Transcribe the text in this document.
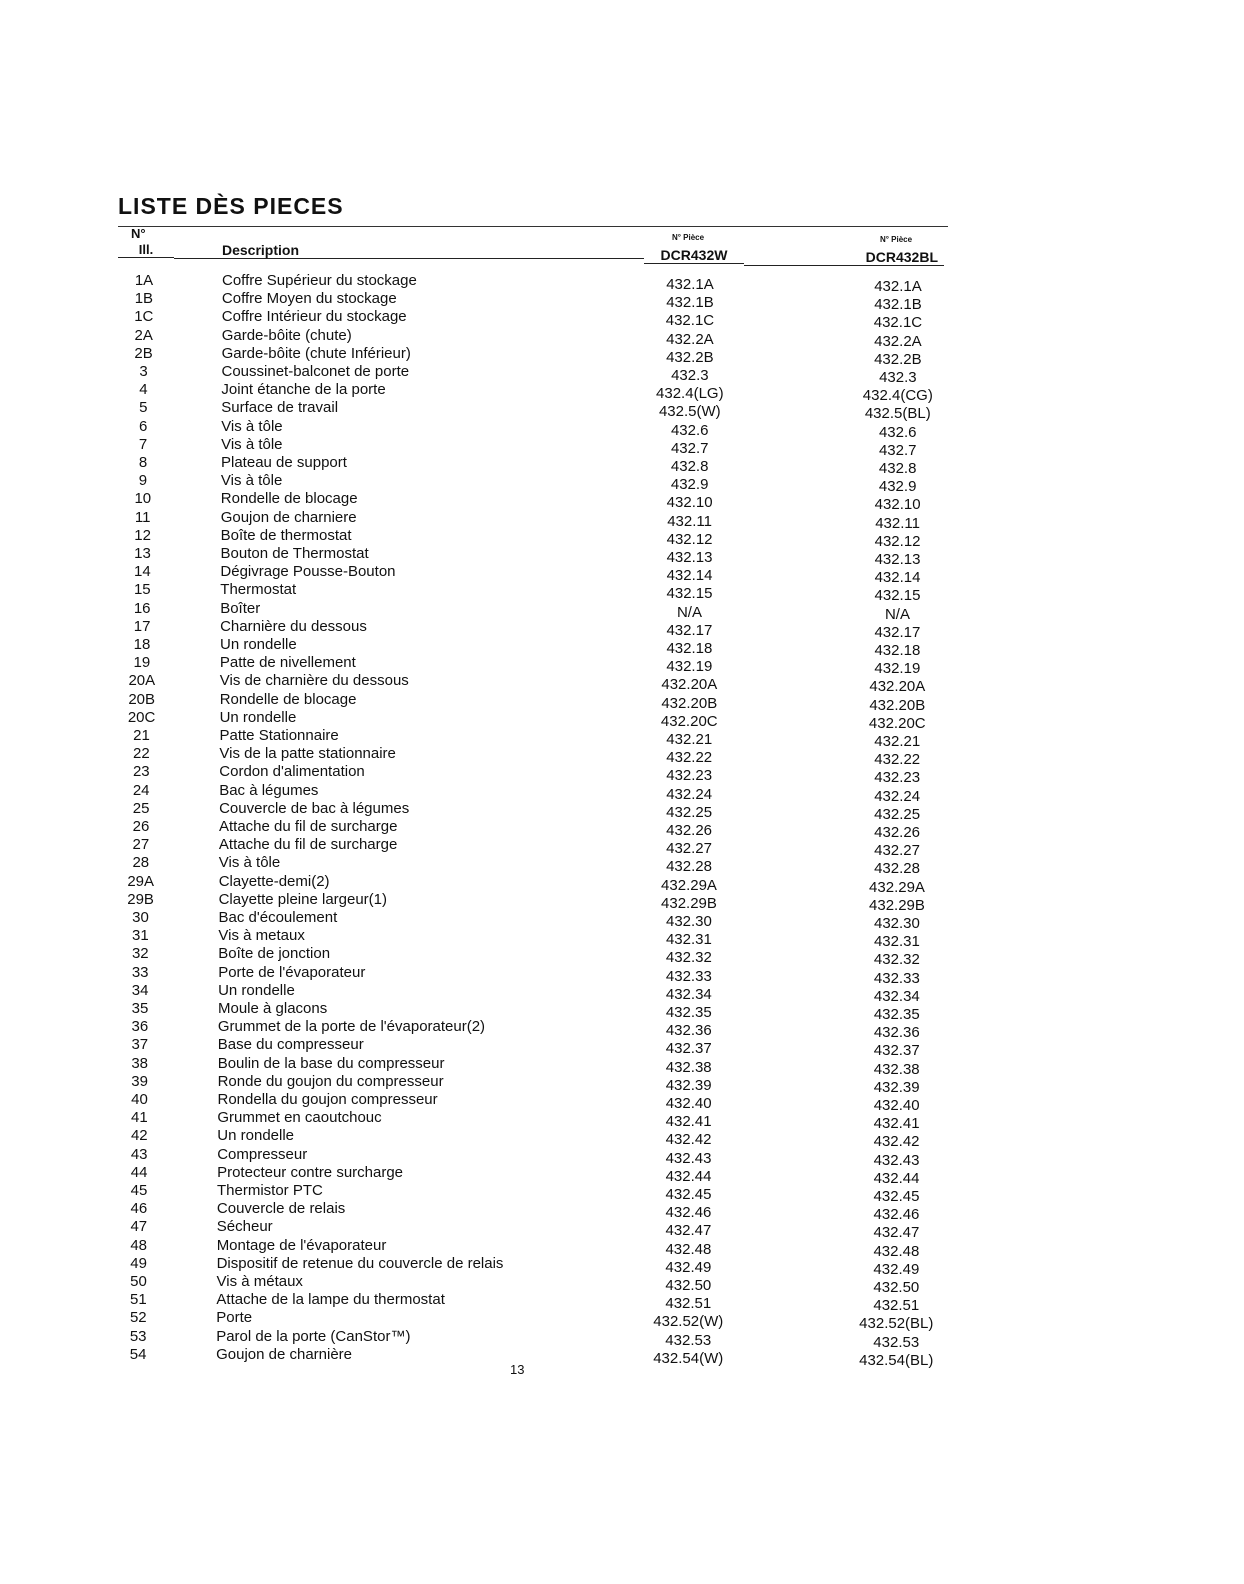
LISTE DÈS PIECES
N°
Ill.	Description
N° Pièce
DCR432W
N° Pièce
DCR432BL
1A	Coffre Supérieur du stockage	432.1A	432.1A
1B	Coffre Moyen du stockage	432.1B	432.1B
1C	Coffre Intérieur du stockage	432.1C	432.1C
2A	Garde-bôite (chute)	432.2A	432.2A
2B	Garde-bôite (chute Inférieur)	432.2B	432.2B
3	Coussinet-balconet de porte	432.3	432.3
4	Joint étanche de la porte	432.4(LG)	432.4(CG)
5	Surface de travail	432.5(W)	432.5(BL)
6	Vis à tôle	432.6	432.6
7	Vis à tôle	432.7	432.7
8	Plateau de support	432.8	432.8
9	Vis à tôle	432.9	432.9
10	Rondelle de blocage	432.10	432.10
11	Goujon de charniere	432.11	432.11
12	Boîte de thermostat	432.12	432.12
13	Bouton de Thermostat	432.13	432.13
14	Dégivrage Pousse-Bouton	432.14	432.14
15	Thermostat	432.15	432.15
16	Boîter	N/A	N/A
17	Charnière du dessous	432.17	432.17
18	Un rondelle	432.18	432.18
19	Patte de nivellement	432.19	432.19
20A	Vis de charnière du dessous	432.20A	432.20A
20B	Rondelle de blocage	432.20B	432.20B
20C	Un rondelle	432.20C	432.20C
21	Patte Stationnaire	432.21	432.21
22	Vis de la patte stationnaire	432.22	432.22
23	Cordon d'alimentation	432.23	432.23
24	Bac à légumes	432.24	432.24
25	Couvercle de bac à légumes	432.25	432.25
26	Attache du fil de surcharge	432.26	432.26
27	Attache du fil de surcharge	432.27	432.27
28	Vis à tôle	432.28	432.28
29A	Clayette-demi(2)	432.29A	432.29A
29B	Clayette pleine largeur(1)	432.29B	432.29B
30	Bac d'écoulement	432.30	432.30
31	Vis à metaux	432.31	432.31
32	Boîte de jonction	432.32	432.32
33	Porte de l'évaporateur	432.33	432.33
34	Un rondelle	432.34	432.34
35	Moule à glacons	432.35	432.35
36	Grummet de la porte de l'évaporateur(2)	432.36	432.36
37	Base du compresseur	432.37	432.37
38	Boulin de la base du compresseur	432.38	432.38
39	Ronde du goujon du compresseur	432.39	432.39
40	Rondella du goujon compresseur	432.40	432.40
41	Grummet en caoutchouc	432.41	432.41
42	Un rondelle	432.42	432.42
43	Compresseur	432.43	432.43
44	Protecteur contre surcharge	432.44	432.44
45	Thermistor PTC	432.45	432.45
46	Couvercle de relais	432.46	432.46
47	Sécheur	432.47	432.47
48	Montage de l'évaporateur	432.48	432.48
49	Dispositif de retenue du couvercle de relais	432.49	432.49
50	Vis à métaux	432.50	432.50
51	Attache de la lampe du thermostat	432.51	432.51
52	Porte	432.52(W)	432.52(BL)
53	Parol de la porte (CanStor™)	432.53	432.53
54	Goujon de charnière	432.54(W)	432.54(BL)
13
